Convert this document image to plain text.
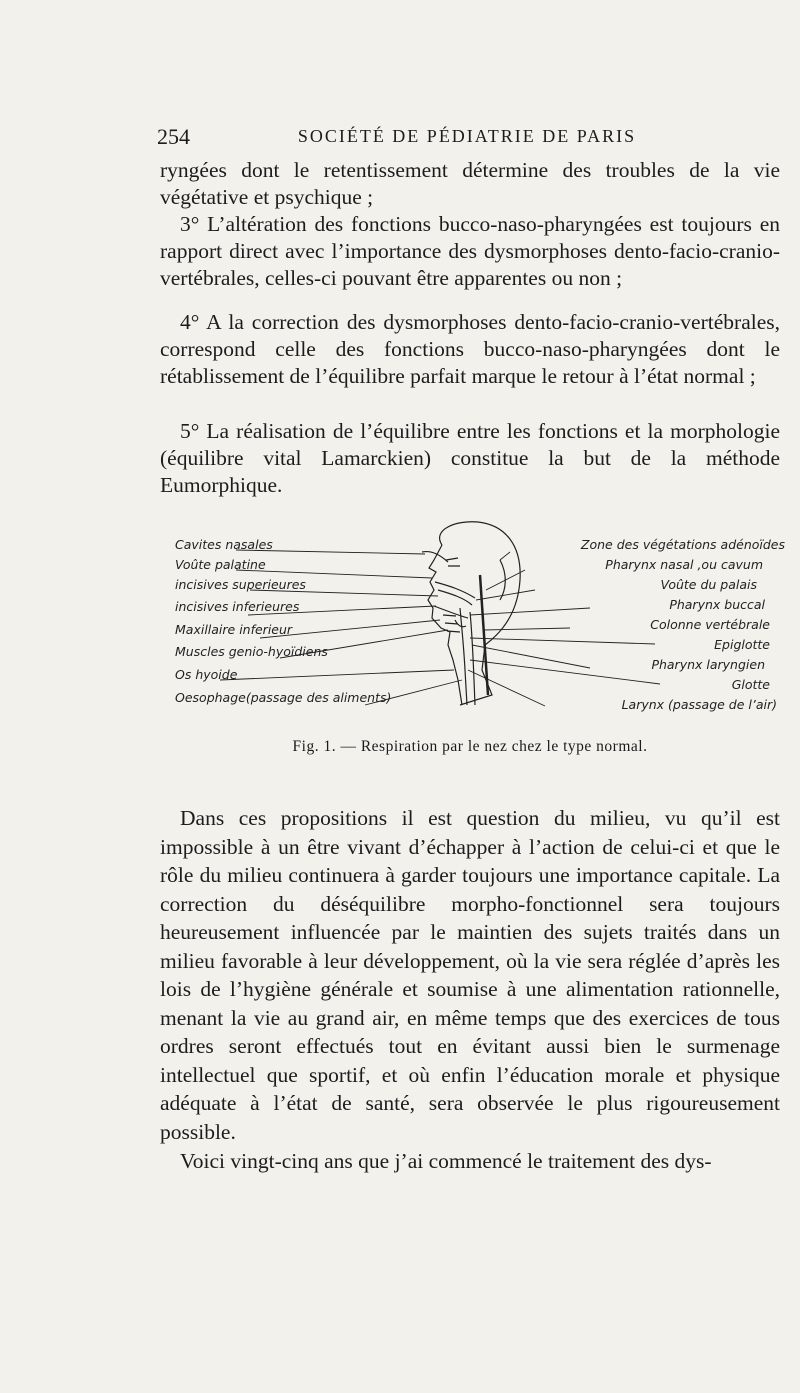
254	SOCIÉTÉ DE PÉDIATRIE DE PARIS

ryngées dont le retentissement détermine des troubles de la vie végétative et psychique ;

3° L’altération des fonctions bucco-naso-pharyngées est toujours en rapport direct avec l’importance des dysmorphoses dento-facio-cranio-vertébrales, celles-ci pouvant être apparentes ou non ;

4° A la correction des dysmorphoses dento-facio-cranio-vertébrales, correspond celle des fonctions bucco-naso-pharyngées dont le rétablissement de l’équilibre parfait marque le retour à l’état normal ;

5° La réalisation de l’équilibre entre les fonctions et la morphologie (équilibre vital Lamarckien) constitue la but de la méthode Eumorphique.

Cavites nasales
Voûte palatine
incisives superieures
incisives inferieures
Maxillaire inferieur
Muscles genio-hyoïdiens
Os hyoide
Oesophage(passage des aliments)
Zone des végétations adénoïdes
Pharynx nasal ,ou cavum
Voûte du palais
Pharynx buccal
Colonne vertébrale
Epiglotte
Pharynx laryngien
Glotte
Larynx (passage de l’air)
Fig. 1. — Respiration par le nez chez le type normal.

Dans ces propositions il est question du milieu, vu qu’il est impossible à un être vivant d’échapper à l’action de celui-ci et que le rôle du milieu continuera à garder toujours une importance capitale. La correction du déséquilibre morpho-fonctionnel sera toujours heureusement influencée par le maintien des sujets traités dans un milieu favorable à leur développement, où la vie sera réglée d’après les lois de l’hygiène générale et soumise à une alimentation rationnelle, menant la vie au grand air, en même temps que des exercices de tous ordres seront effectués tout en évitant aussi bien le surmenage intellectuel que sportif, et où enfin l’éducation morale et physique adéquate à l’état de santé, sera observée le plus rigoureusement possible.

Voici vingt-cinq ans que j’ai commencé le traitement des dys-
